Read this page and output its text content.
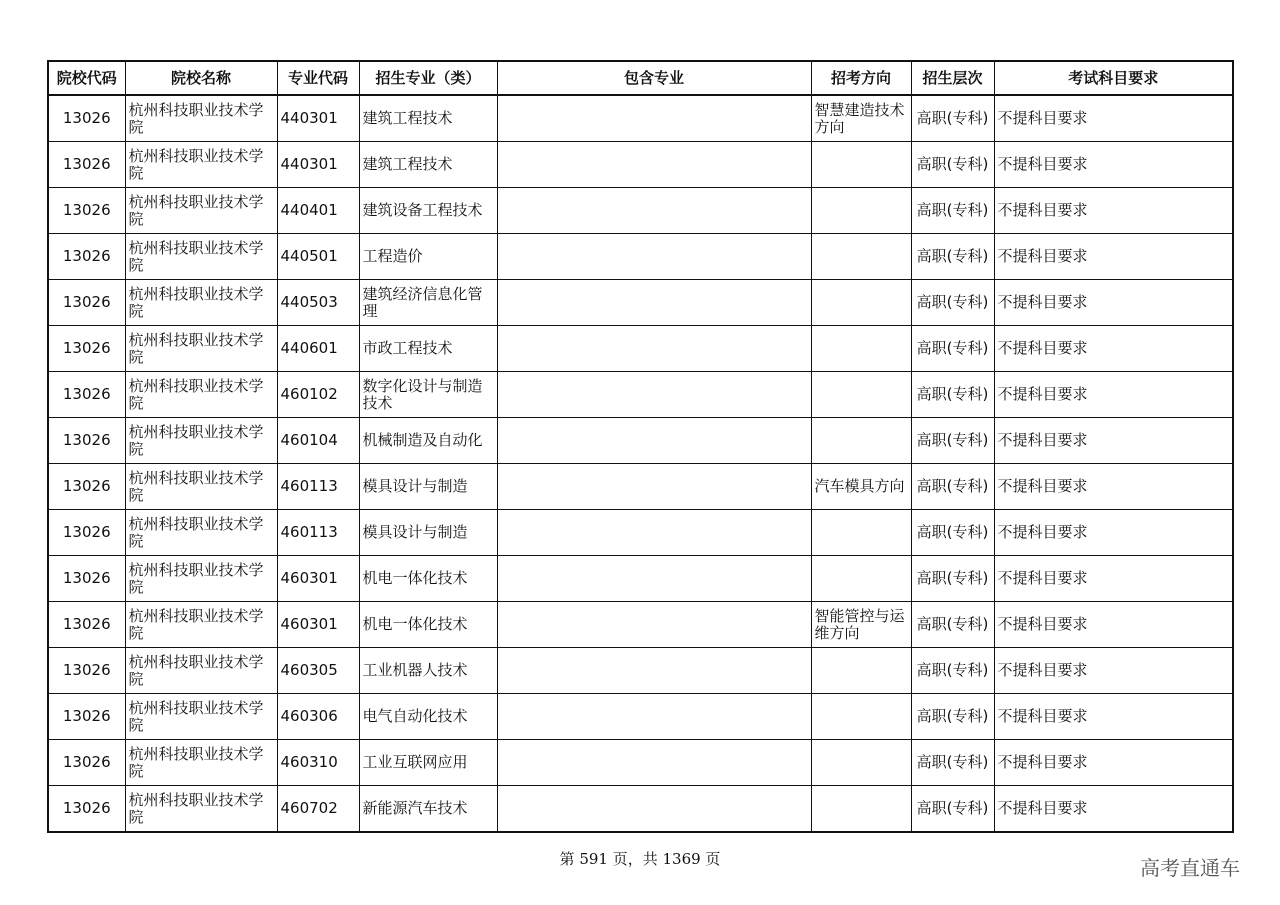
院校代码	院校名称	专业代码	招生专业（类）	包含专业	招考方向	招生层次	考试科目要求
13026	杭州科技职业技术学院	440301	建筑工程技术		智慧建造技术方向	高职(专科)	不提科目要求
13026	杭州科技职业技术学院	440301	建筑工程技术			高职(专科)	不提科目要求
13026	杭州科技职业技术学院	440401	建筑设备工程技术			高职(专科)	不提科目要求
13026	杭州科技职业技术学院	440501	工程造价			高职(专科)	不提科目要求
13026	杭州科技职业技术学院	440503	建筑经济信息化管理			高职(专科)	不提科目要求
13026	杭州科技职业技术学院	440601	市政工程技术			高职(专科)	不提科目要求
13026	杭州科技职业技术学院	460102	数字化设计与制造技术			高职(专科)	不提科目要求
13026	杭州科技职业技术学院	460104	机械制造及自动化			高职(专科)	不提科目要求
13026	杭州科技职业技术学院	460113	模具设计与制造		汽车模具方向	高职(专科)	不提科目要求
13026	杭州科技职业技术学院	460113	模具设计与制造			高职(专科)	不提科目要求
13026	杭州科技职业技术学院	460301	机电一体化技术			高职(专科)	不提科目要求
13026	杭州科技职业技术学院	460301	机电一体化技术		智能管控与运维方向	高职(专科)	不提科目要求
13026	杭州科技职业技术学院	460305	工业机器人技术			高职(专科)	不提科目要求
13026	杭州科技职业技术学院	460306	电气自动化技术			高职(专科)	不提科目要求
13026	杭州科技职业技术学院	460310	工业互联网应用			高职(专科)	不提科目要求
13026	杭州科技职业技术学院	460702	新能源汽车技术			高职(专科)	不提科目要求
第 591 页，共 1369 页	高考直通车
